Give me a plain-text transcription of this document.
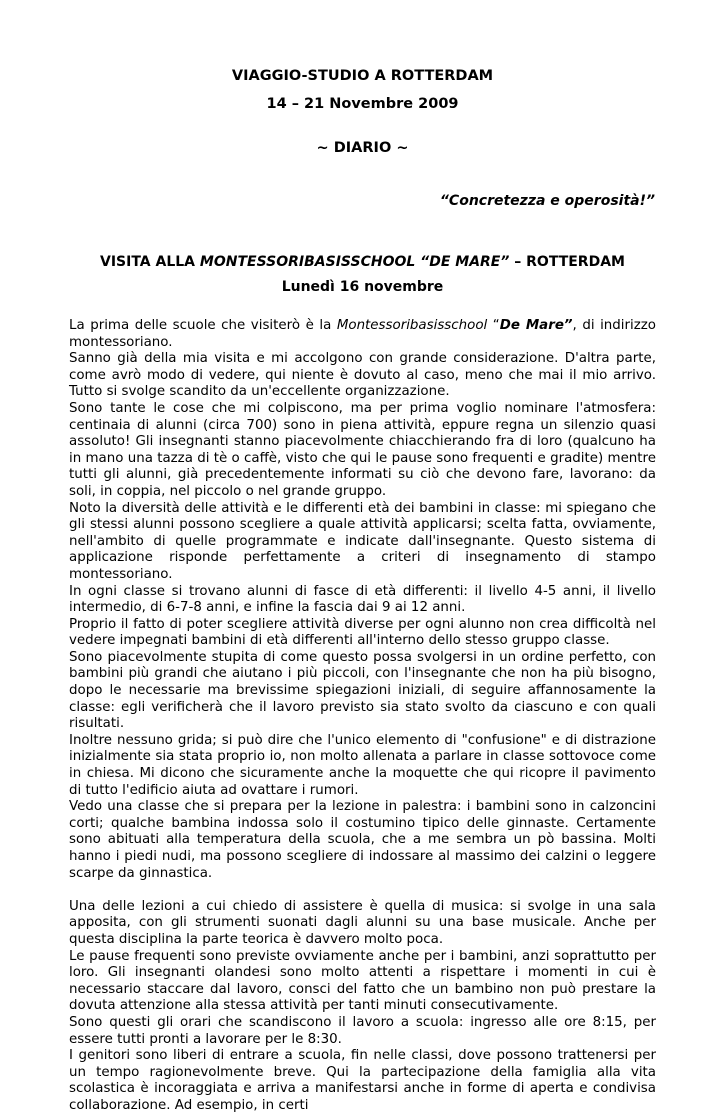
VIAGGIO-STUDIO A ROTTERDAM
14 – 21 Novembre 2009
~ DIARIO ~
“Concretezza e operosità!”
VISITA ALLA MONTESSORIBASISSCHOOL “DE MARE” – ROTTERDAM
Lunedì 16 novembre

La prima delle scuole che visiterò è la Montessoribasisschool “De Mare”, di indirizzo montessoriano.

Sanno già della mia visita e mi accolgono con grande considerazione. D'altra parte, come avrò modo di vedere, qui niente è dovuto al caso, meno che mai il mio arrivo. Tutto si svolge scandito da un'eccellente organizzazione.

Sono tante le cose che mi colpiscono, ma per prima voglio nominare l'atmosfera: centinaia di alunni (circa 700) sono in piena attività, eppure regna un silenzio quasi assoluto! Gli insegnanti stanno piacevolmente chiacchierando fra di loro (qualcuno ha in mano una tazza di tè o caffè, visto che qui le pause sono frequenti e gradite) mentre tutti gli alunni, già precedentemente informati su ciò che devono fare, lavorano: da soli, in coppia, nel piccolo o nel grande gruppo.

Noto la diversità delle attività e le differenti età dei bambini in classe: mi spiegano che gli stessi alunni possono scegliere a quale attività applicarsi; scelta fatta, ovviamente, nell'ambito di quelle programmate e indicate dall'insegnante. Questo sistema di applicazione risponde perfettamente a criteri di insegnamento di stampo montessoriano.

In ogni classe si trovano alunni di fasce di età differenti: il livello 4-5 anni, il livello intermedio, di 6-7-8 anni, e infine la fascia dai 9 ai 12 anni.

Proprio il fatto di poter scegliere attività diverse per ogni alunno non crea difficoltà nel vedere impegnati bambini di età differenti all'interno dello stesso gruppo classe.

Sono piacevolmente stupita di come questo possa svolgersi in un ordine perfetto, con bambini più grandi che aiutano i più piccoli, con l'insegnante che non ha più bisogno, dopo le necessarie ma brevissime spiegazioni iniziali, di seguire affannosamente la classe: egli verificherà che il lavoro previsto sia stato svolto da ciascuno e con quali risultati.

Inoltre nessuno grida; si può dire che l'unico elemento di "confusione" e di distrazione inizialmente sia stata proprio io, non molto allenata a parlare in classe sottovoce come in chiesa. Mi dicono che sicuramente anche la moquette che qui ricopre il pavimento di tutto l'edificio aiuta ad ovattare i rumori.

Vedo una classe che si prepara per la lezione in palestra: i bambini sono in calzoncini corti; qualche bambina indossa solo il costumino tipico delle ginnaste. Certamente sono abituati alla temperatura della scuola, che a me sembra un pò bassina. Molti hanno i piedi nudi, ma possono scegliere di indossare al massimo dei calzini o leggere scarpe da ginnastica.

Una delle lezioni a cui chiedo di assistere è quella di musica: si svolge in una sala apposita, con gli strumenti suonati dagli alunni su una base musicale. Anche per questa disciplina la parte teorica è davvero molto poca.

Le pause frequenti sono previste ovviamente anche per i bambini, anzi soprattutto per loro. Gli insegnanti olandesi sono molto attenti a rispettare i momenti in cui è necessario staccare dal lavoro, consci del fatto che un bambino non può prestare la dovuta attenzione alla stessa attività per tanti minuti consecutivamente.

Sono questi gli orari che scandiscono il lavoro a scuola: ingresso alle ore 8:15, per essere tutti pronti a lavorare per le 8:30.

I genitori sono liberi di entrare a scuola, fin nelle classi, dove possono trattenersi per un tempo ragionevolmente breve. Qui la partecipazione della famiglia alla vita scolastica è incoraggiata e arriva a manifestarsi anche in forme di aperta e condivisa collaborazione. Ad esempio, in certi
